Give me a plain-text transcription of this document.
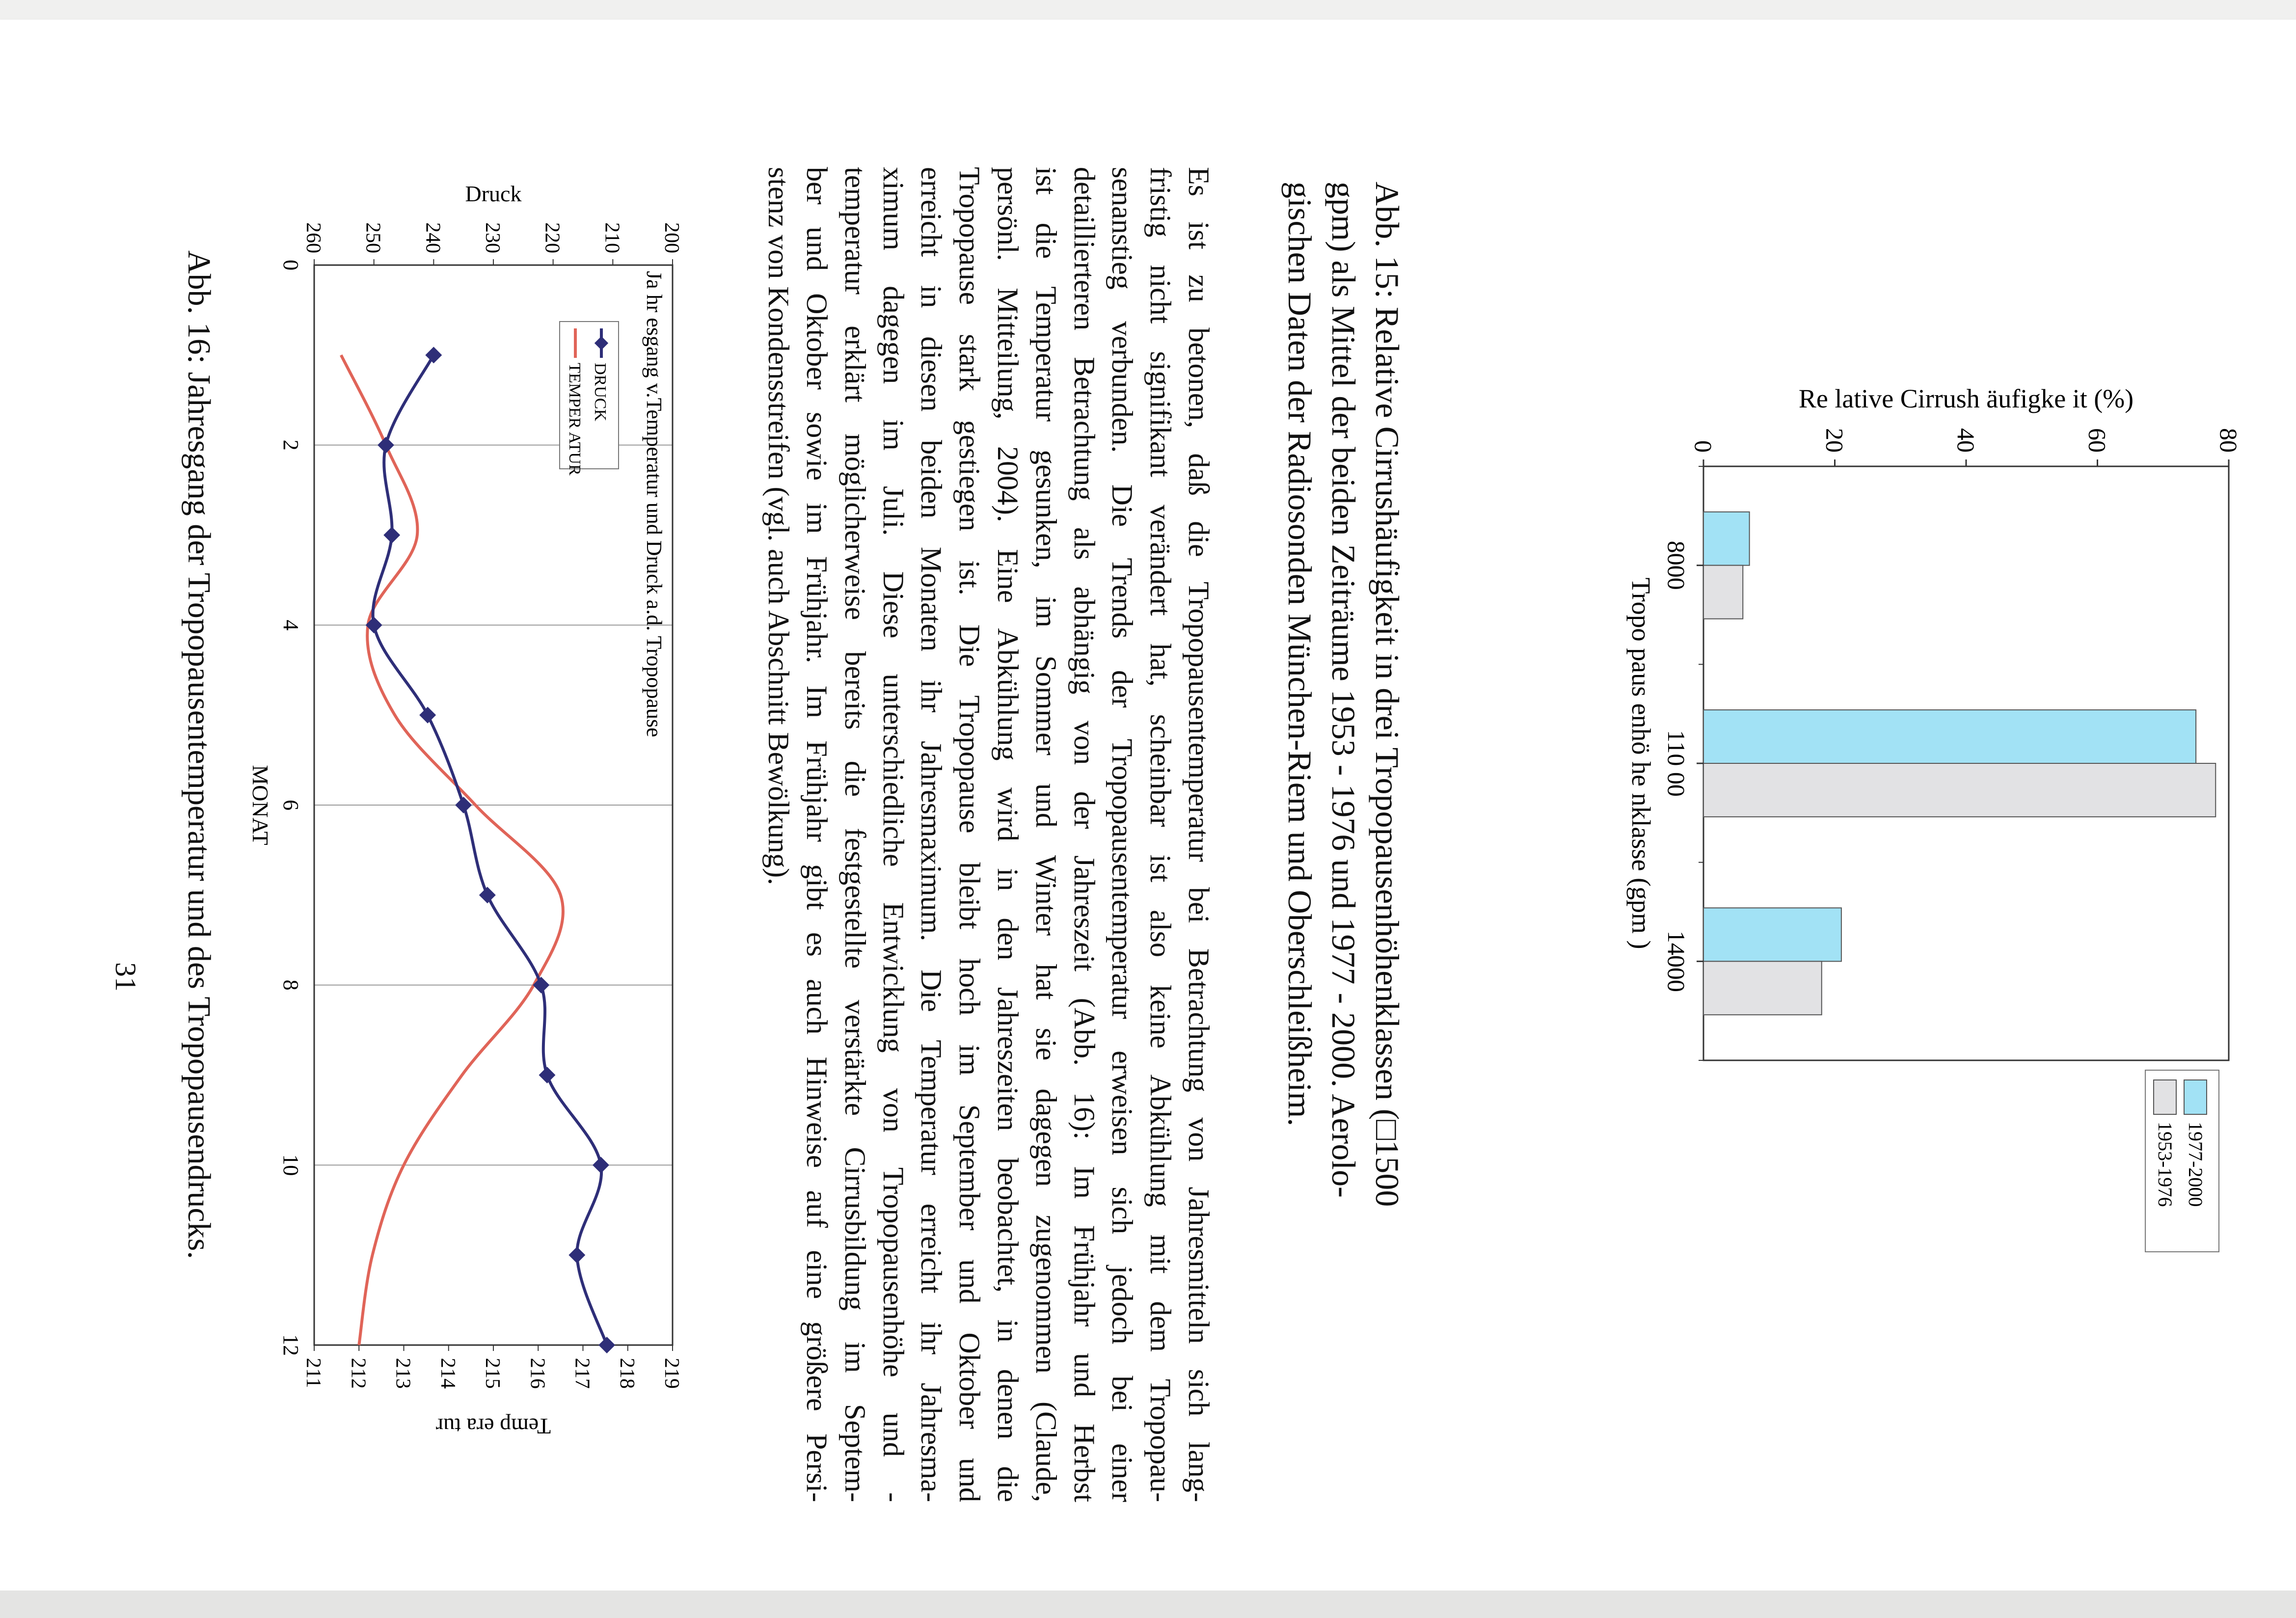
0	20	40	60	80
8000
110 00
14000
Tropo paus enhö he nklasse (gpm )
Re lative Cirrush äufigke it (%)
1977-2000
1953-1976
Abb. 15: Relative Cirrushäufigkeit in drei Tropopausenhöhenklassen (□1500
gpm) als Mittel der beiden Zeiträume 1953 - 1976 und 1977 - 2000. Aerolo-
gischen Daten der Radiosonden München-Riem und Oberschleißheim.
Es ist zu betonen, daß die Tropopausentemperatur bei Betrachtung von Jahresmitteln sich lang-
fristig nicht signifikant verändert hat, scheinbar ist also keine Abkühlung mit dem Tropopau-
senanstieg verbunden. Die Trends der Tropopausentemperatur erweisen sich jedoch bei einer
detaillierteren Betrachtung als abhängig von der Jahreszeit (Abb. 16): Im Frühjahr und Herbst
ist die Temperatur gesunken, im Sommer und Winter hat sie dagegen zugenommen (Claude,
persönl. Mitteilung, 2004). Eine Abkühlung wird in den Jahreszeiten beobachtet, in denen die
Tropopause stark gestiegen ist. Die Tropopause bleibt hoch im September und Oktober und
erreicht in diesen beiden Monaten ihr Jahresmaximum. Die Temperatur erreicht ihr Jahresma-
ximum dagegen im Juli. Diese unterschiedliche Entwicklung von Tropopausenhöhe und -
temperatur erklärt möglicherweise bereits die festgestellte verstärkte Cirrusbildung im Septem-
ber und Oktober sowie im Frühjahr. Im Frühjahr gibt es auch Hinweise auf eine größere Persi-
stenz von Kondensstreifen (vgl. auch Abschnitt Bewölkung).
0
2
4
6
8
10
12
200
210
220
230
240
250
260
219
218
217
216
215
214
213
212
211
MONAT
Druck
Temp era tur
Ja hr esgang v.Temperatur und Druck a.d. Tropopause
DRUCK
TEMPER ATUR
Abb. 16: Jahresgang der Tropopausentemperatur und des Tropopausendrucks.
31
